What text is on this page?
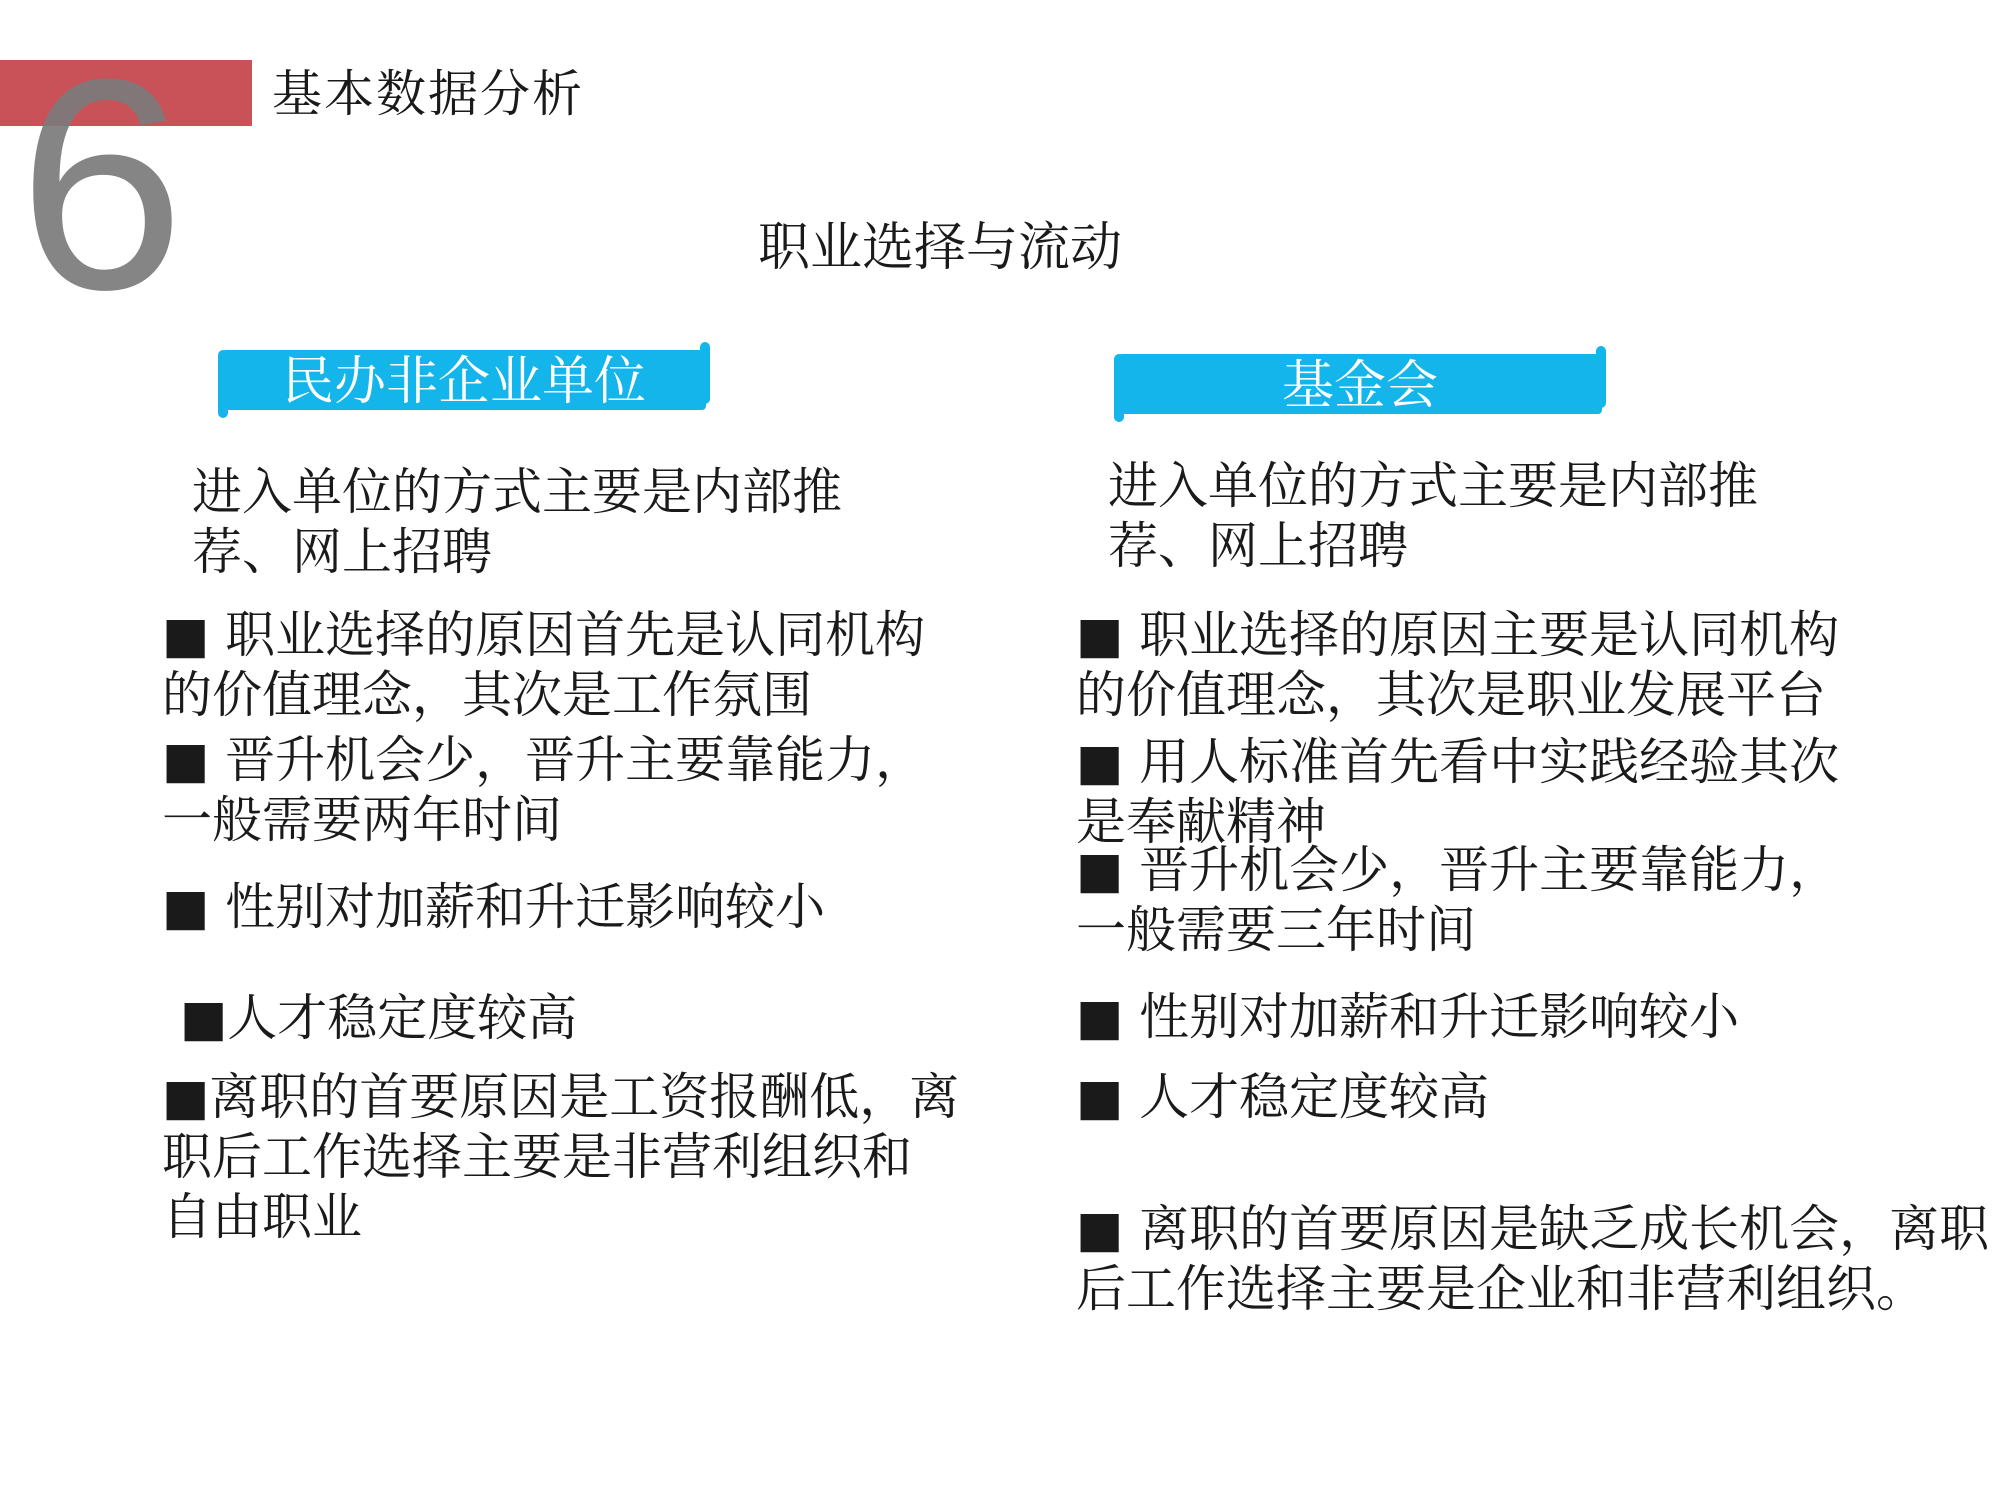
6 基本数据分析
职业选择与流动
民办非企业单位	基金会
进入单位的方式主要是内部推
荐、网上招聘
■ 职业选择的原因首先是认同机构
的价值理念，其次是工作氛围
■ 晋升机会少，晋升主要靠能力，
一般需要两年时间
■ 性别对加薪和升迁影响较小
■人才稳定度较高
■离职的首要原因是工资报酬低，离
职后工作选择主要是非营利组织和
自由职业
进入单位的方式主要是内部推
荐、网上招聘
■ 职业选择的原因主要是认同机构
的价值理念，其次是职业发展平台
■ 用人标准首先看中实践经验其次
是奉献精神
■ 晋升机会少，晋升主要靠能力，
一般需要三年时间
■ 性别对加薪和升迁影响较小
■ 人才稳定度较高
■ 离职的首要原因是缺乏成长机会，离职
后工作选择主要是企业和非营利组织。
